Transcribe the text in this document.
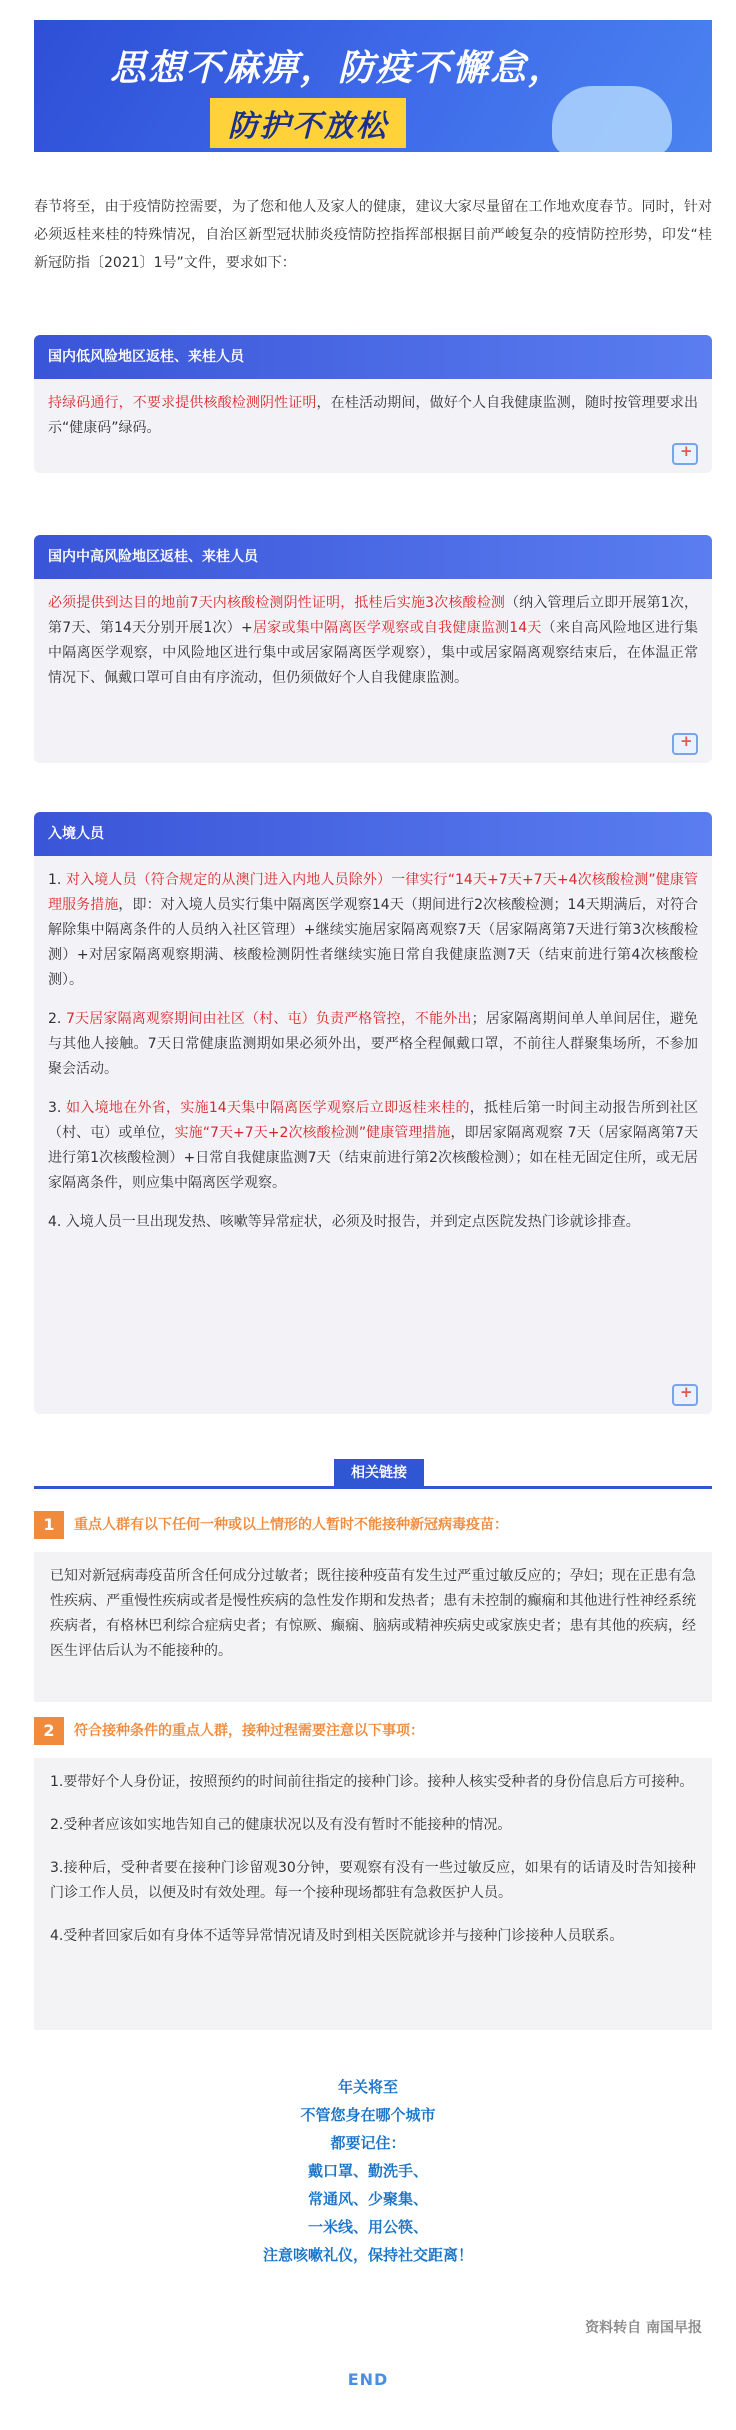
思想不麻痹，防疫不懈怠，
防护不放松
春节将至，由于疫情防控需要，为了您和他人及家人的健康，建议大家尽量留在工作地欢度春节。同时，针对必须返桂来桂的特殊情况，自治区新型冠状肺炎疫情防控指挥部根据目前严峻复杂的疫情防控形势，印发“桂新冠防指〔2021〕1号”文件，要求如下：
国内低风险地区返桂、来桂人员

持绿码通行，不要求提供核酸检测阴性证明，在桂活动期间，做好个人自我健康监测，随时按管理要求出示“健康码”绿码。

+
国内中高风险地区返桂、来桂人员

必须提供到达目的地前7天内核酸检测阴性证明，抵桂后实施3次核酸检测（纳入管理后立即开展第1次，第7天、第14天分别开展1次）+居家或集中隔离医学观察或自我健康监测14天（来自高风险地区进行集中隔离医学观察，中风险地区进行集中或居家隔离医学观察），集中或居家隔离观察结束后，在体温正常情况下、佩戴口罩可自由有序流动，但仍须做好个人自我健康监测。

+
入境人员

1. 对入境人员（符合规定的从澳门进入内地人员除外）一律实行“14天+7天+7天+4次核酸检测”健康管理服务措施，即：对入境人员实行集中隔离医学观察14天（期间进行2次核酸检测；14天期满后，对符合解除集中隔离条件的人员纳入社区管理）+继续实施居家隔离观察7天（居家隔离第7天进行第3次核酸检测）+对居家隔离观察期满、核酸检测阴性者继续实施日常自我健康监测7天（结束前进行第4次核酸检测）。

2. 7天居家隔离观察期间由社区（村、屯）负责严格管控，不能外出；居家隔离期间单人单间居住，避免与其他人接触。7天日常健康监测期如果必须外出，要严格全程佩戴口罩，不前往人群聚集场所，不参加聚会活动。

3. 如入境地在外省，实施14天集中隔离医学观察后立即返桂来桂的，抵桂后第一时间主动报告所到社区（村、屯）或单位，实施“7天+7天+2次核酸检测”健康管理措施，即居家隔离观察 7天（居家隔离第7天进行第1次核酸检测）+日常自我健康监测7天（结束前进行第2次核酸检测）；如在桂无固定住所，或无居家隔离条件，则应集中隔离医学观察。

4. 入境人员一旦出现发热、咳嗽等异常症状，必须及时报告，并到定点医院发热门诊就诊排查。

+
相关链接
1	重点人群有以下任何一种或以上情形的人暂时不能接种新冠病毒疫苗：

已知对新冠病毒疫苗所含任何成分过敏者；既往接种疫苗有发生过严重过敏反应的；孕妇；现在正患有急性疾病、严重慢性疾病或者是慢性疾病的急性发作期和发热者；患有未控制的癫痫和其他进行性神经系统疾病者，有格林巴利综合症病史者；有惊厥、癫痫、脑病或精神疾病史或家族史者；患有其他的疾病，经医生评估后认为不能接种的。

2	符合接种条件的重点人群，接种过程需要注意以下事项：

1.要带好个人身份证，按照预约的时间前往指定的接种门诊。接种人核实受种者的身份信息后方可接种。

2.受种者应该如实地告知自己的健康状况以及有没有暂时不能接种的情况。

3.接种后，受种者要在接种门诊留观30分钟，要观察有没有一些过敏反应，如果有的话请及时告知接种门诊工作人员，以便及时有效处理。每一个接种现场都驻有急救医护人员。

4.受种者回家后如有身体不适等异常情况请及时到相关医院就诊并与接种门诊接种人员联系。

年关将至
不管您身在哪个城市
都要记住：
戴口罩、勤洗手、
常通风、少聚集、
一米线、用公筷、
注意咳嗽礼仪，保持社交距离！
资料转自 南国早报
END
